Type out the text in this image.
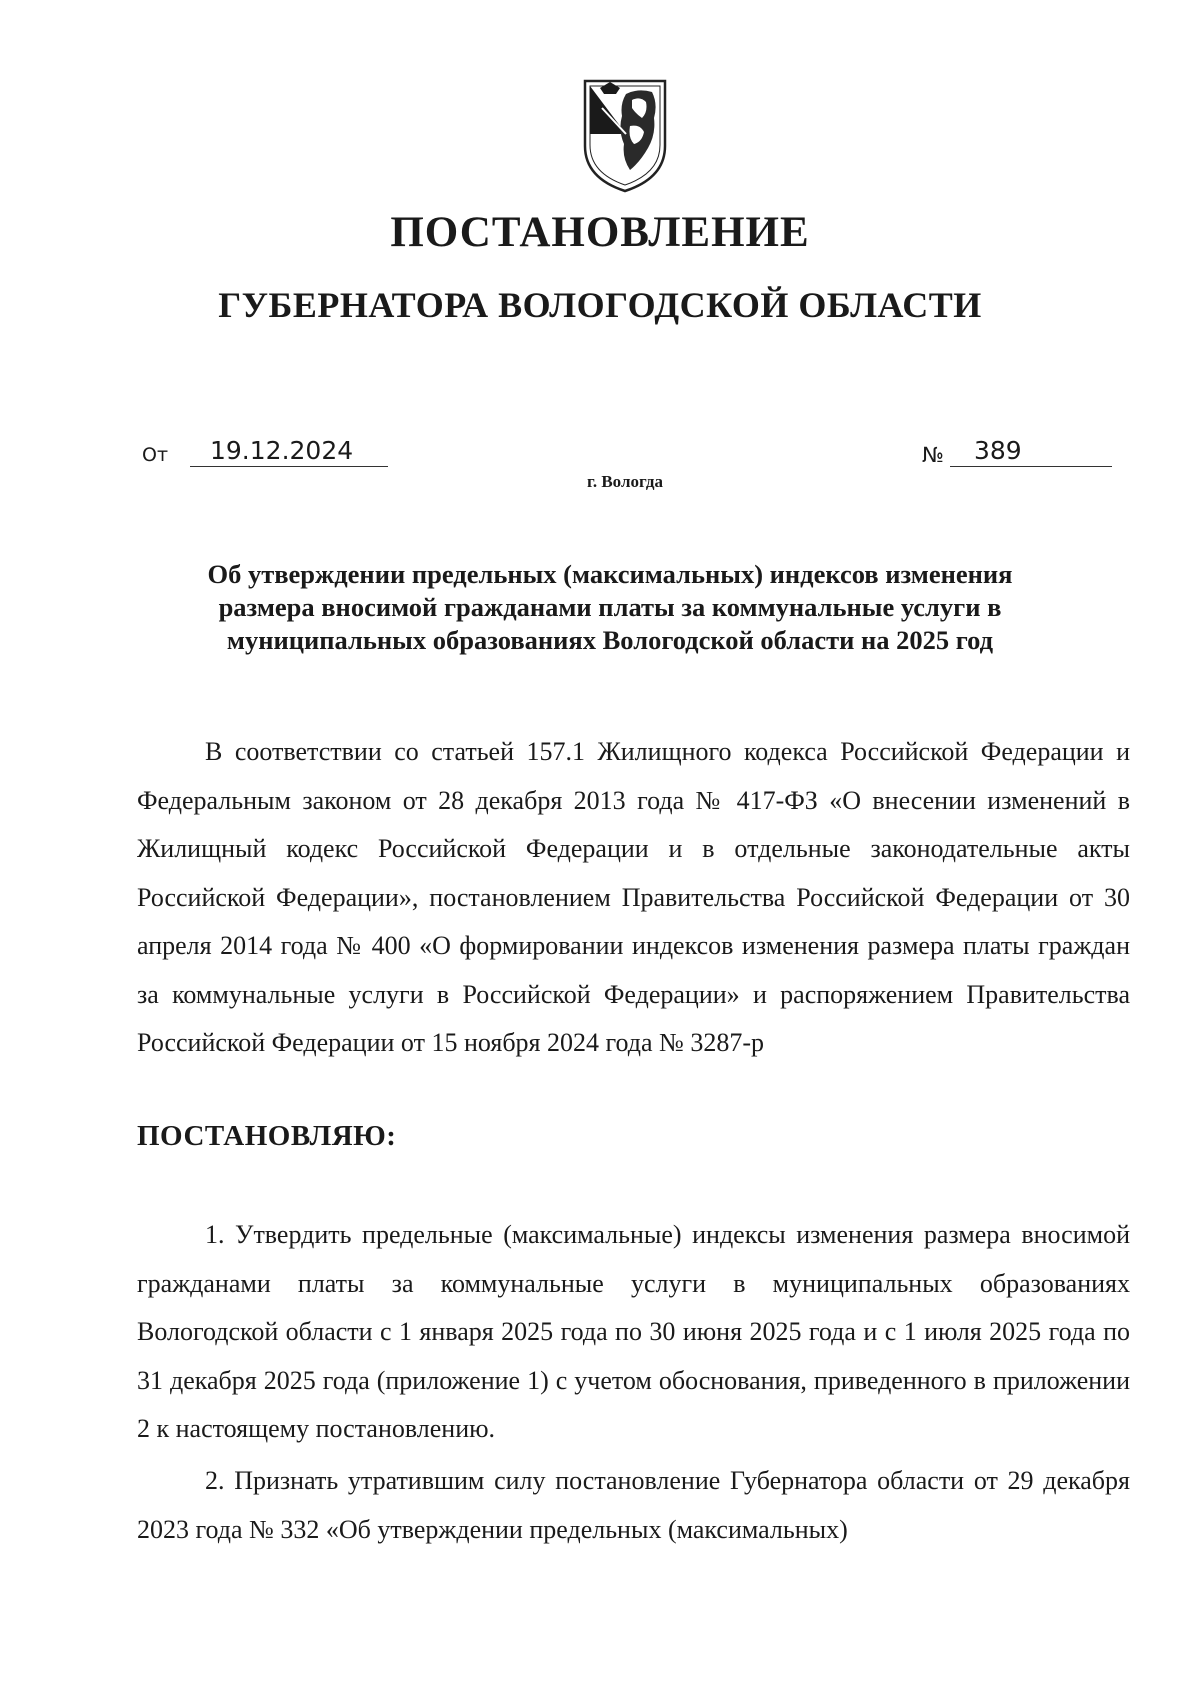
ПОСТАНОВЛЕНИЕ
ГУБЕРНАТОРА ВОЛОГОДСКОЙ ОБЛАСТИ
От	19.12.2024	№	389
г. Вологда
Об утверждении предельных (максимальных) индексов изменения размера вносимой гражданами платы за коммунальные услуги в муниципальных образованиях Вологодской области на 2025 год

В соответствии со статьей 157.1 Жилищного кодекса Российской Федерации и Федеральным законом от 28 декабря 2013 года № 417-ФЗ «О внесении изменений в Жилищный кодекс Российской Федерации и в отдельные законодательные акты Российской Федерации», постановлением Правительства Российской Федерации от 30 апреля 2014 года № 400 «О формировании индексов изменения размера платы граждан за коммунальные услуги в Российской Федерации» и распоряжением Правительства Российской Федерации от 15 ноября 2024 года № 3287-р

ПОСТАНОВЛЯЮ:

1. Утвердить предельные (максимальные) индексы изменения размера вносимой гражданами платы за коммунальные услуги в муниципальных образованиях Вологодской области с 1 января 2025 года по 30 июня 2025 года и с 1 июля 2025 года по 31 декабря 2025 года (приложение 1) с учетом обоснования, приведенного в приложении 2 к настоящему постановлению.

2. Признать утратившим силу постановление Губернатора области от 29 декабря 2023 года № 332 «Об утверждении предельных (максимальных)
